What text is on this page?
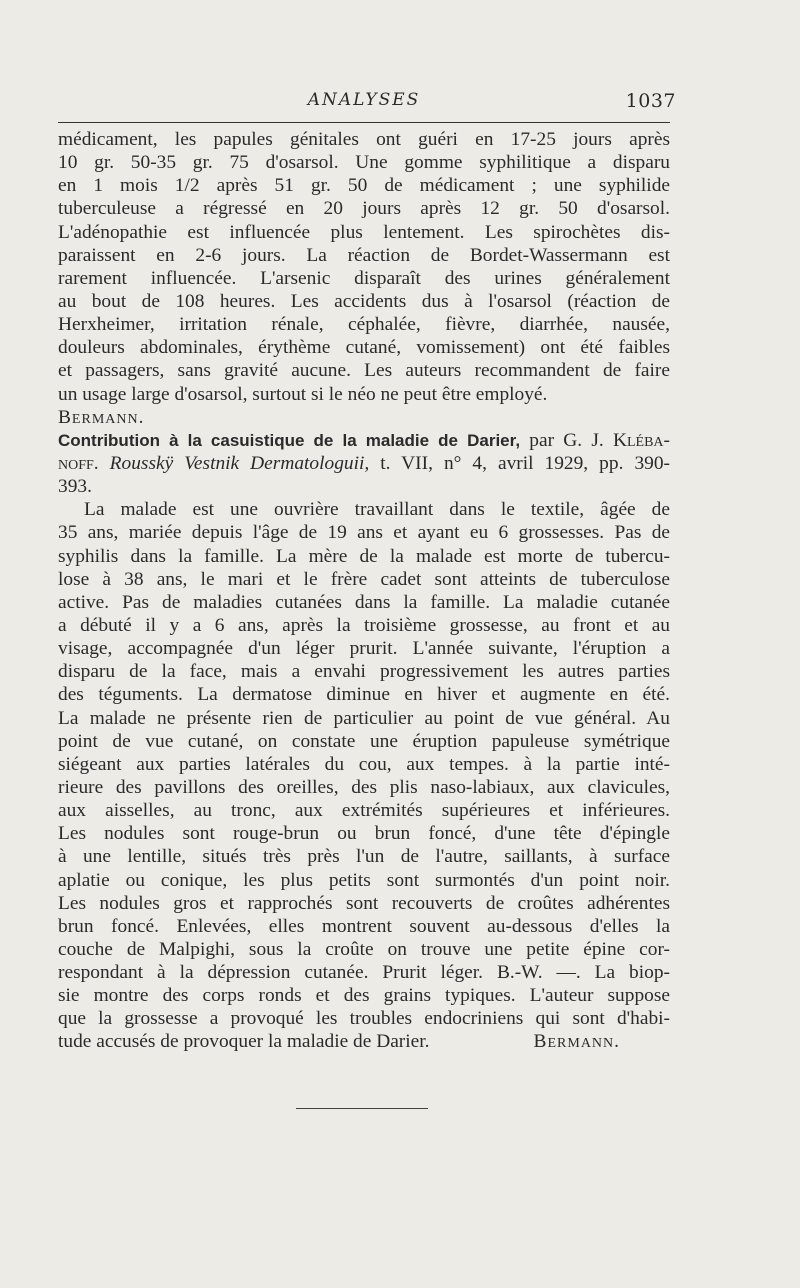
ANALYSES	1037
médicament, les papules génitales ont guéri en 17-25 jours après
10 gr. 50-35 gr. 75 d'osarsol. Une gomme syphilitique a disparu
en 1 mois 1/2 après 51 gr. 50 de médicament ; une syphilide
tuberculeuse a régressé en 20 jours après 12 gr. 50 d'osarsol.
L'adénopathie est influencée plus lentement. Les spirochètes dis-
paraissent en 2-6 jours. La réaction de Bordet-Wassermann est
rarement influencée. L'arsenic disparaît des urines généralement
au bout de 108 heures. Les accidents dus à l'osarsol (réaction de
Herxheimer, irritation rénale, céphalée, fièvre, diarrhée, nausée,
douleurs abdominales, érythème cutané, vomissement) ont été faibles
et passagers, sans gravité aucune. Les auteurs recommandent de faire
un usage large d'osarsol, surtout si le néo ne peut être employé.
Bermann.
Contribution à la casuistique de la maladie de Darier, par G. J. Kléba-
noff. Rousskÿ Vestnik Dermatologuii, t. VII, n° 4, avril 1929, pp. 390-
393.
La malade est une ouvrière travaillant dans le textile, âgée de
35 ans, mariée depuis l'âge de 19 ans et ayant eu 6 grossesses. Pas de
syphilis dans la famille. La mère de la malade est morte de tubercu-
lose à 38 ans, le mari et le frère cadet sont atteints de tuberculose
active. Pas de maladies cutanées dans la famille. La maladie cutanée
a débuté il y a 6 ans, après la troisième grossesse, au front et au
visage, accompagnée d'un léger prurit. L'année suivante, l'éruption a
disparu de la face, mais a envahi progressivement les autres parties
des téguments. La dermatose diminue en hiver et augmente en été.
La malade ne présente rien de particulier au point de vue général. Au
point de vue cutané, on constate une éruption papuleuse symétrique
siégeant aux parties latérales du cou, aux tempes. à la partie inté-
rieure des pavillons des oreilles, des plis naso-labiaux, aux clavicules,
aux aisselles, au tronc, aux extrémités supérieures et inférieures.
Les nodules sont rouge-brun ou brun foncé, d'une tête d'épingle
à une lentille, situés très près l'un de l'autre, saillants, à surface
aplatie ou conique, les plus petits sont surmontés d'un point noir.
Les nodules gros et rapprochés sont recouverts de croûtes adhérentes
brun foncé. Enlevées, elles montrent souvent au-dessous d'elles la
couche de Malpighi, sous la croûte on trouve une petite épine cor-
respondant à la dépression cutanée. Prurit léger. B.-W. —. La biop-
sie montre des corps ronds et des grains typiques. L'auteur suppose
que la grossesse a provoqué les troubles endocriniens qui sont d'habi-
tude accusés de provoquer la maladie de Darier.	Bermann.
